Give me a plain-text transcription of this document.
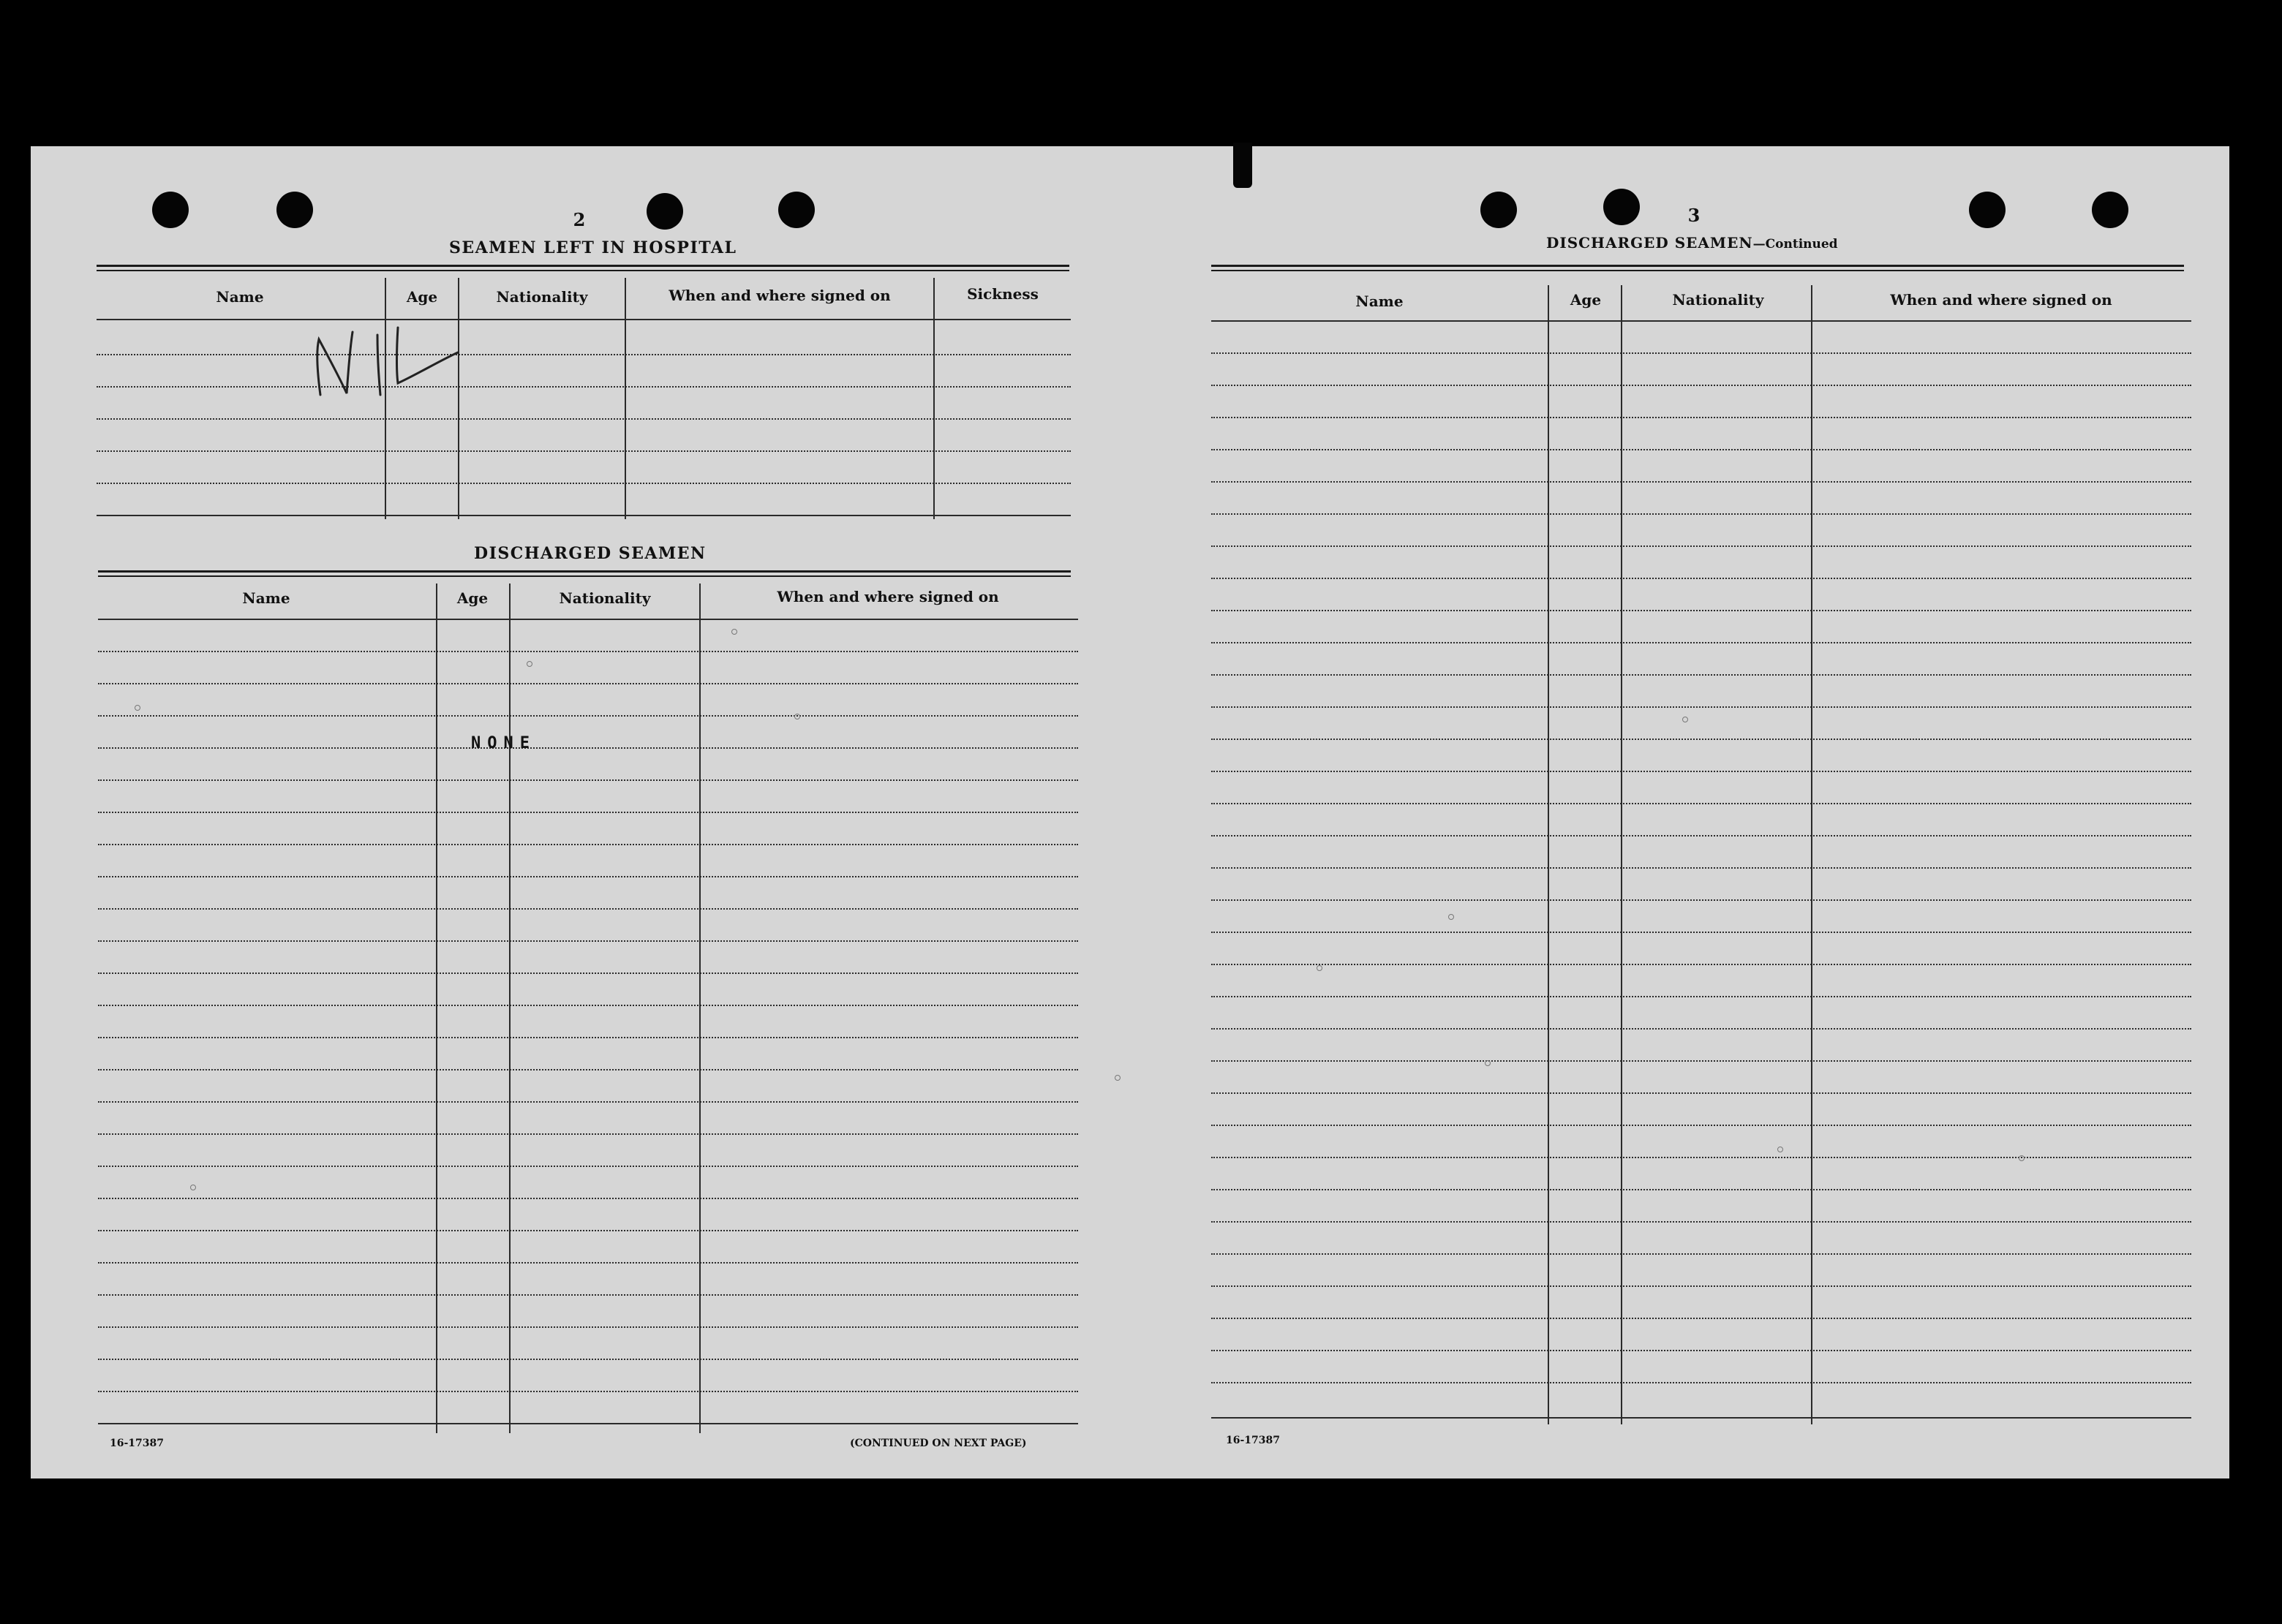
2
SEAMEN LEFT IN HOSPITAL
Name	Age	Nationality	When and where signed on	Sickness
DISCHARGED SEAMEN
Name	Age	Nationality	When and where signed on
NONE
16-17387	(CONTINUED ON NEXT PAGE)
3
DISCHARGED SEAMEN—Continued
Name	Age	Nationality	When and where signed on
16-17387
